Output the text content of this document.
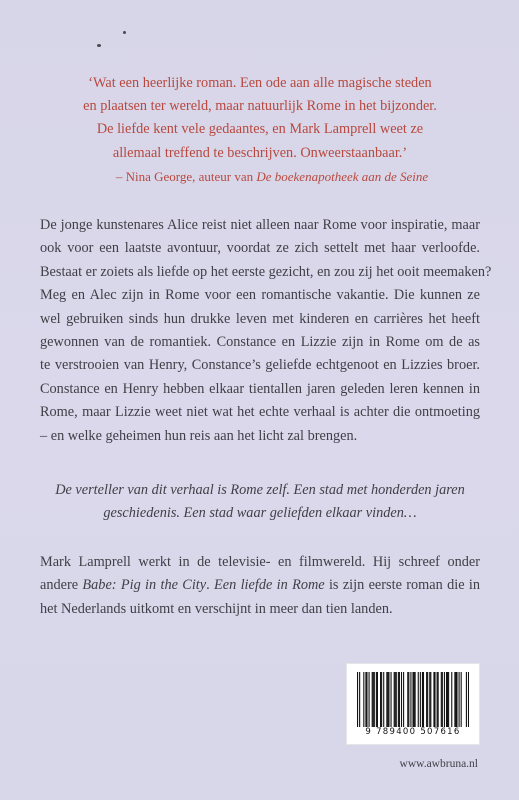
‘Wat een heerlijke roman. Een ode aan alle magische steden
en plaatsen ter wereld, maar natuurlijk Rome in het bijzonder.
De liefde kent vele gedaantes, en Mark Lamprell weet ze
allemaal treffend te beschrijven. Onweerstaanbaar.’
– Nina George, auteur van De boekenapotheek aan de Seine
De jonge kunstenares Alice reist niet alleen naar Rome voor inspiratie, maar
ook voor een laatste avontuur, voordat ze zich settelt met haar verloofde.
Bestaat er zoiets als liefde op het eerste gezicht, en zou zij het ooit meemaken?
Meg en Alec zijn in Rome voor een romantische vakantie. Die kunnen ze
wel gebruiken sinds hun drukke leven met kinderen en carrières het heeft
gewonnen van de romantiek. Constance en Lizzie zijn in Rome om de as
te verstrooien van Henry, Constance’s geliefde echtgenoot en Lizzies broer.
Constance en Henry hebben elkaar tientallen jaren geleden leren kennen in
Rome, maar Lizzie weet niet wat het echte verhaal is achter die ontmoeting
– en welke geheimen hun reis aan het licht zal brengen.
De verteller van dit verhaal is Rome zelf. Een stad met honderden jaren
geschiedenis. Een stad waar geliefden elkaar vinden…
Mark Lamprell werkt in de televisie- en filmwereld. Hij schreef onder
andere Babe: Pig in the City. Een liefde in Rome is zijn eerste roman die in
het Nederlands uitkomt en verschijnt in meer dan tien landen.
9 789400 507616
www.awbruna.nl
